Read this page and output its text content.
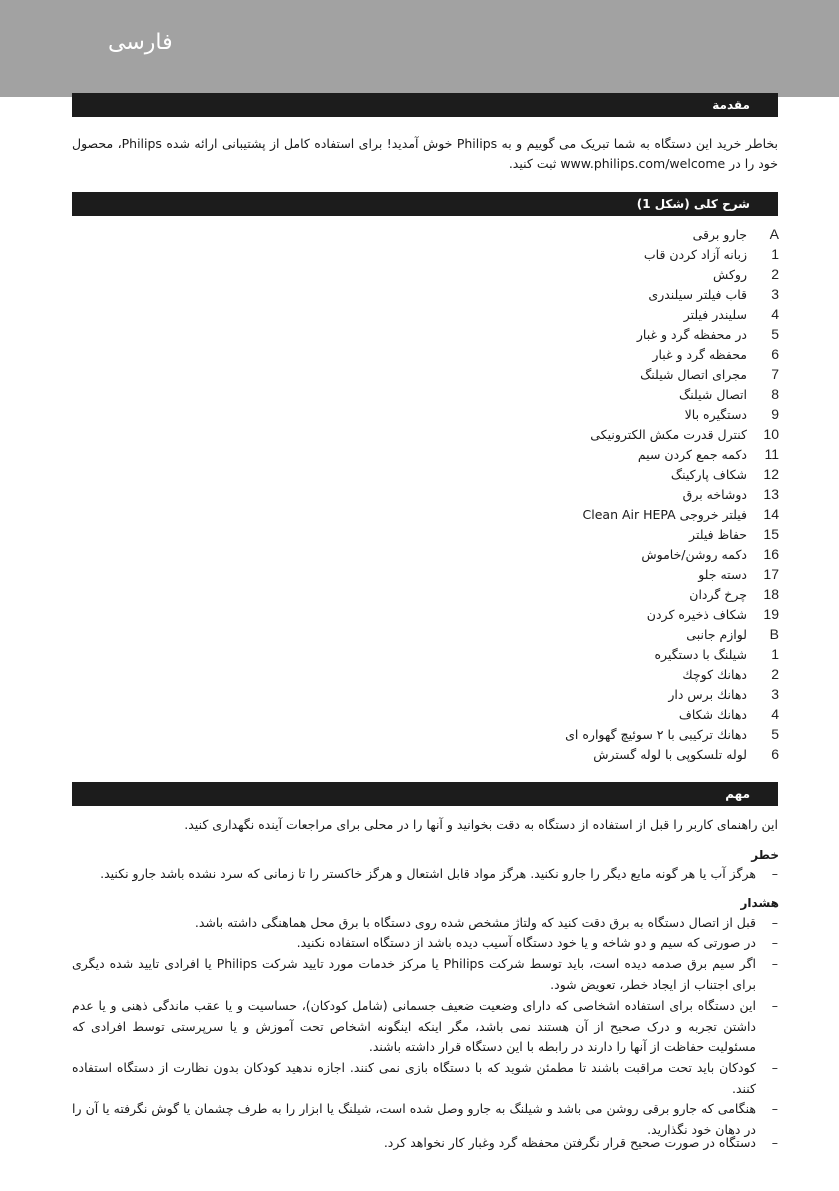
فارسی
مقدمة
بخاطر خرید این دستگاه به شما تبریک می گوییم و به Philips خوش آمدید! برای استفاده کامل از پشتیبانی ارائه شده Philips، محصول خود را در www.philips.com/welcome ثبت کنید.
شرح کلی (شکل 1)
A
جارو برقی
1
زبانه آزاد کردن قاب
2
روکش
3
قاب فیلتر سیلندری
4
سلیندر فیلتر
5
در محفظه گرد و غبار
6
محفظه گرد و غبار
7
مجرای اتصال شیلنگ
8
اتصال شیلنگ
9
دستگیره بالا
10
کنترل قدرت مکش الکترونیکی
11
دکمه جمع کردن سیم
12
شکاف پارکینگ
13
دوشاخه برق
14
فیلتر خروجی Clean Air HEPA
15
حفاظ فیلتر
16
دکمه روشن/خاموش
17
دسته جلو
18
چرخ گردان
19
شکاف ذخیره کردن
B
لوازم جانبی
1
شیلنگ با دستگیره
2
دهانك كوچك
3
دهانك برس دار
4
دهانك شكاف
5
دهانك تركیبی با ۲ سوئیچ گهواره ای
6
لوله تلسکوپی با لوله گسترش
مهم
این راهنمای کاربر را قبل از استفاده از دستگاه به دقت بخوانید و آنها را در محلی برای مراجعات آینده نگهداری کنید.
خطر
–
هرگز آب یا هر گونه مایع دیگر را جارو نکنید. هرگز مواد قابل اشتعال و هرگز خاکستر را تا زمانی که سرد نشده باشد جارو نکنید.
هشدار
–
قبل از اتصال دستگاه به برق دقت کنید که ولتاژ مشخص شده روی دستگاه با برق محل هماهنگی داشته باشد.
–
در صورتی که سیم و دو شاخه و یا خود دستگاه آسیب دیده باشد از دستگاه استفاده نکنید.
–
اگر سیم برق صدمه دیده است، باید توسط شرکت Philips یا مرکز خدمات مورد تایید شرکت Philips یا افرادی تایید شده دیگری برای اجتناب از ایجاد خطر، تعویض شود.
–
این دستگاه برای استفاده اشخاصی که دارای وضعیت ضعیف جسمانی (شامل کودکان)، حساسیت و یا عقب ماندگی ذهنی و یا عدم داشتن تجربه و درک صحیح از آن هستند نمی باشد، مگر اینکه اینگونه اشخاص تحت آموزش و یا سرپرستی توسط افرادی که مسئولیت حفاظت از آنها را دارند در رابطه با این دستگاه قرار داشته باشند.
–
کودکان باید تحت مراقبت باشند تا مطمئن شوید که با دستگاه بازی نمی کنند. اجازه ندهید کودکان بدون نظارت از دستگاه استفاده کنند.
–
هنگامی که جارو برقی روشن می باشد و شیلنگ به جارو وصل شده است، شیلنگ یا ابزار را به طرف چشمان یا گوش نگرفته یا آن را در دهان خود نگذارید.
–
دستگاه در صورت صحیح قرار نگرفتن محفظه گرد وغبار کار نخواهد کرد.
